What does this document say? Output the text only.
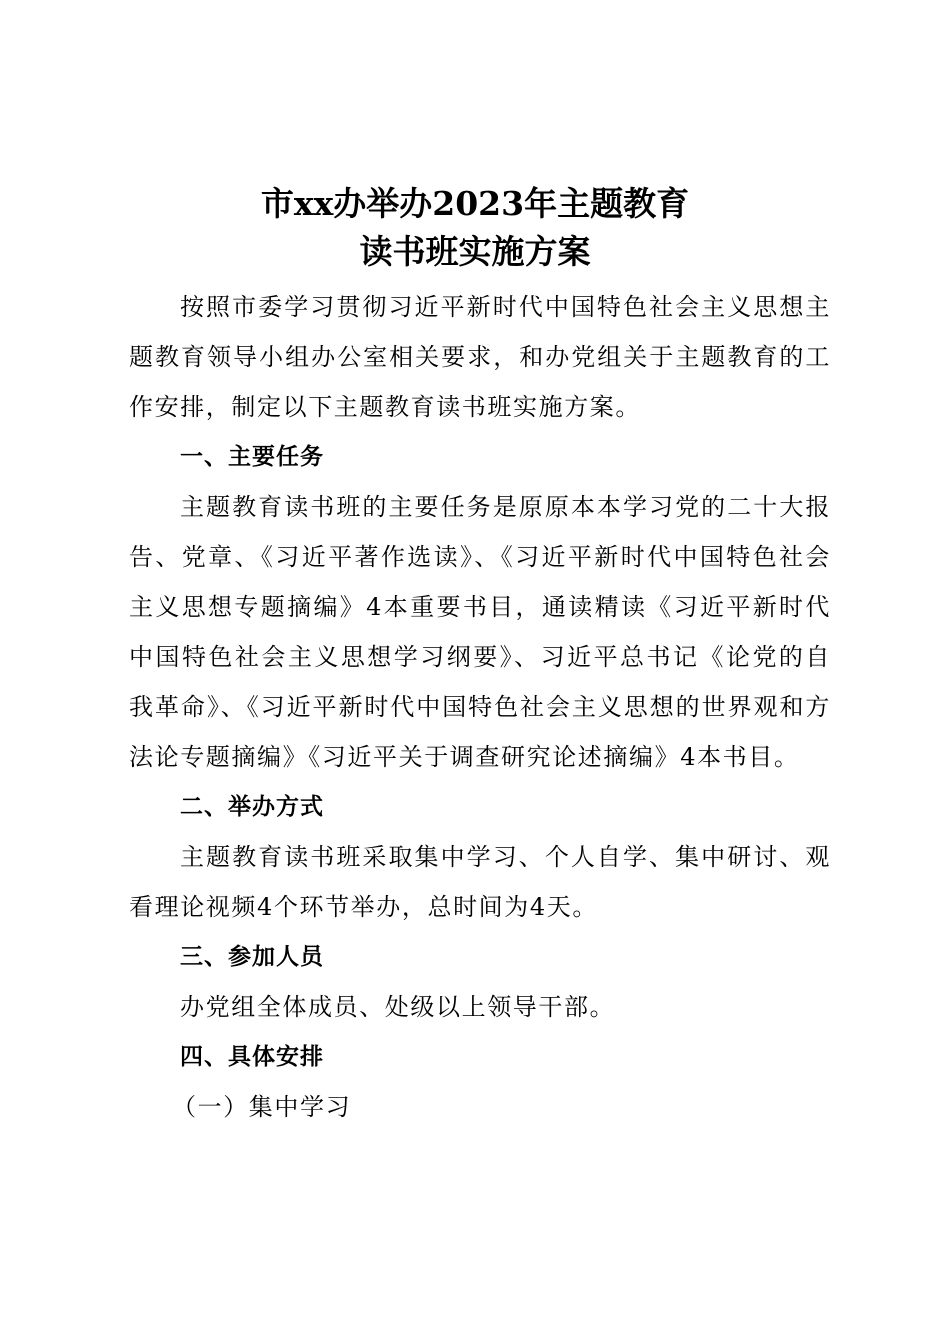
市xx办举办2023年主题教育
读书班实施方案

按照市委学习贯彻习近平新时代中国特色社会主义思想主题教育领导小组办公室相关要求，和办党组关于主题教育的工作安排，制定以下主题教育读书班实施方案。

一、主要任务

主题教育读书班的主要任务是原原本本学习党的二十大报告、党章、《习近平著作选读》、《习近平新时代中国特色社会主义思想专题摘编》4本重要书目，通读精读《习近平新时代中国特色社会主义思想学习纲要》、习近平总书记《论党的自我革命》、《习近平新时代中国特色社会主义思想的世界观和方法论专题摘编》《习近平关于调查研究论述摘编》4本书目。

二、举办方式

主题教育读书班采取集中学习、个人自学、集中研讨、观看理论视频4个环节举办，总时间为4天。

三、参加人员

办党组全体成员、处级以上领导干部。

四、具体安排

（一）集中学习
